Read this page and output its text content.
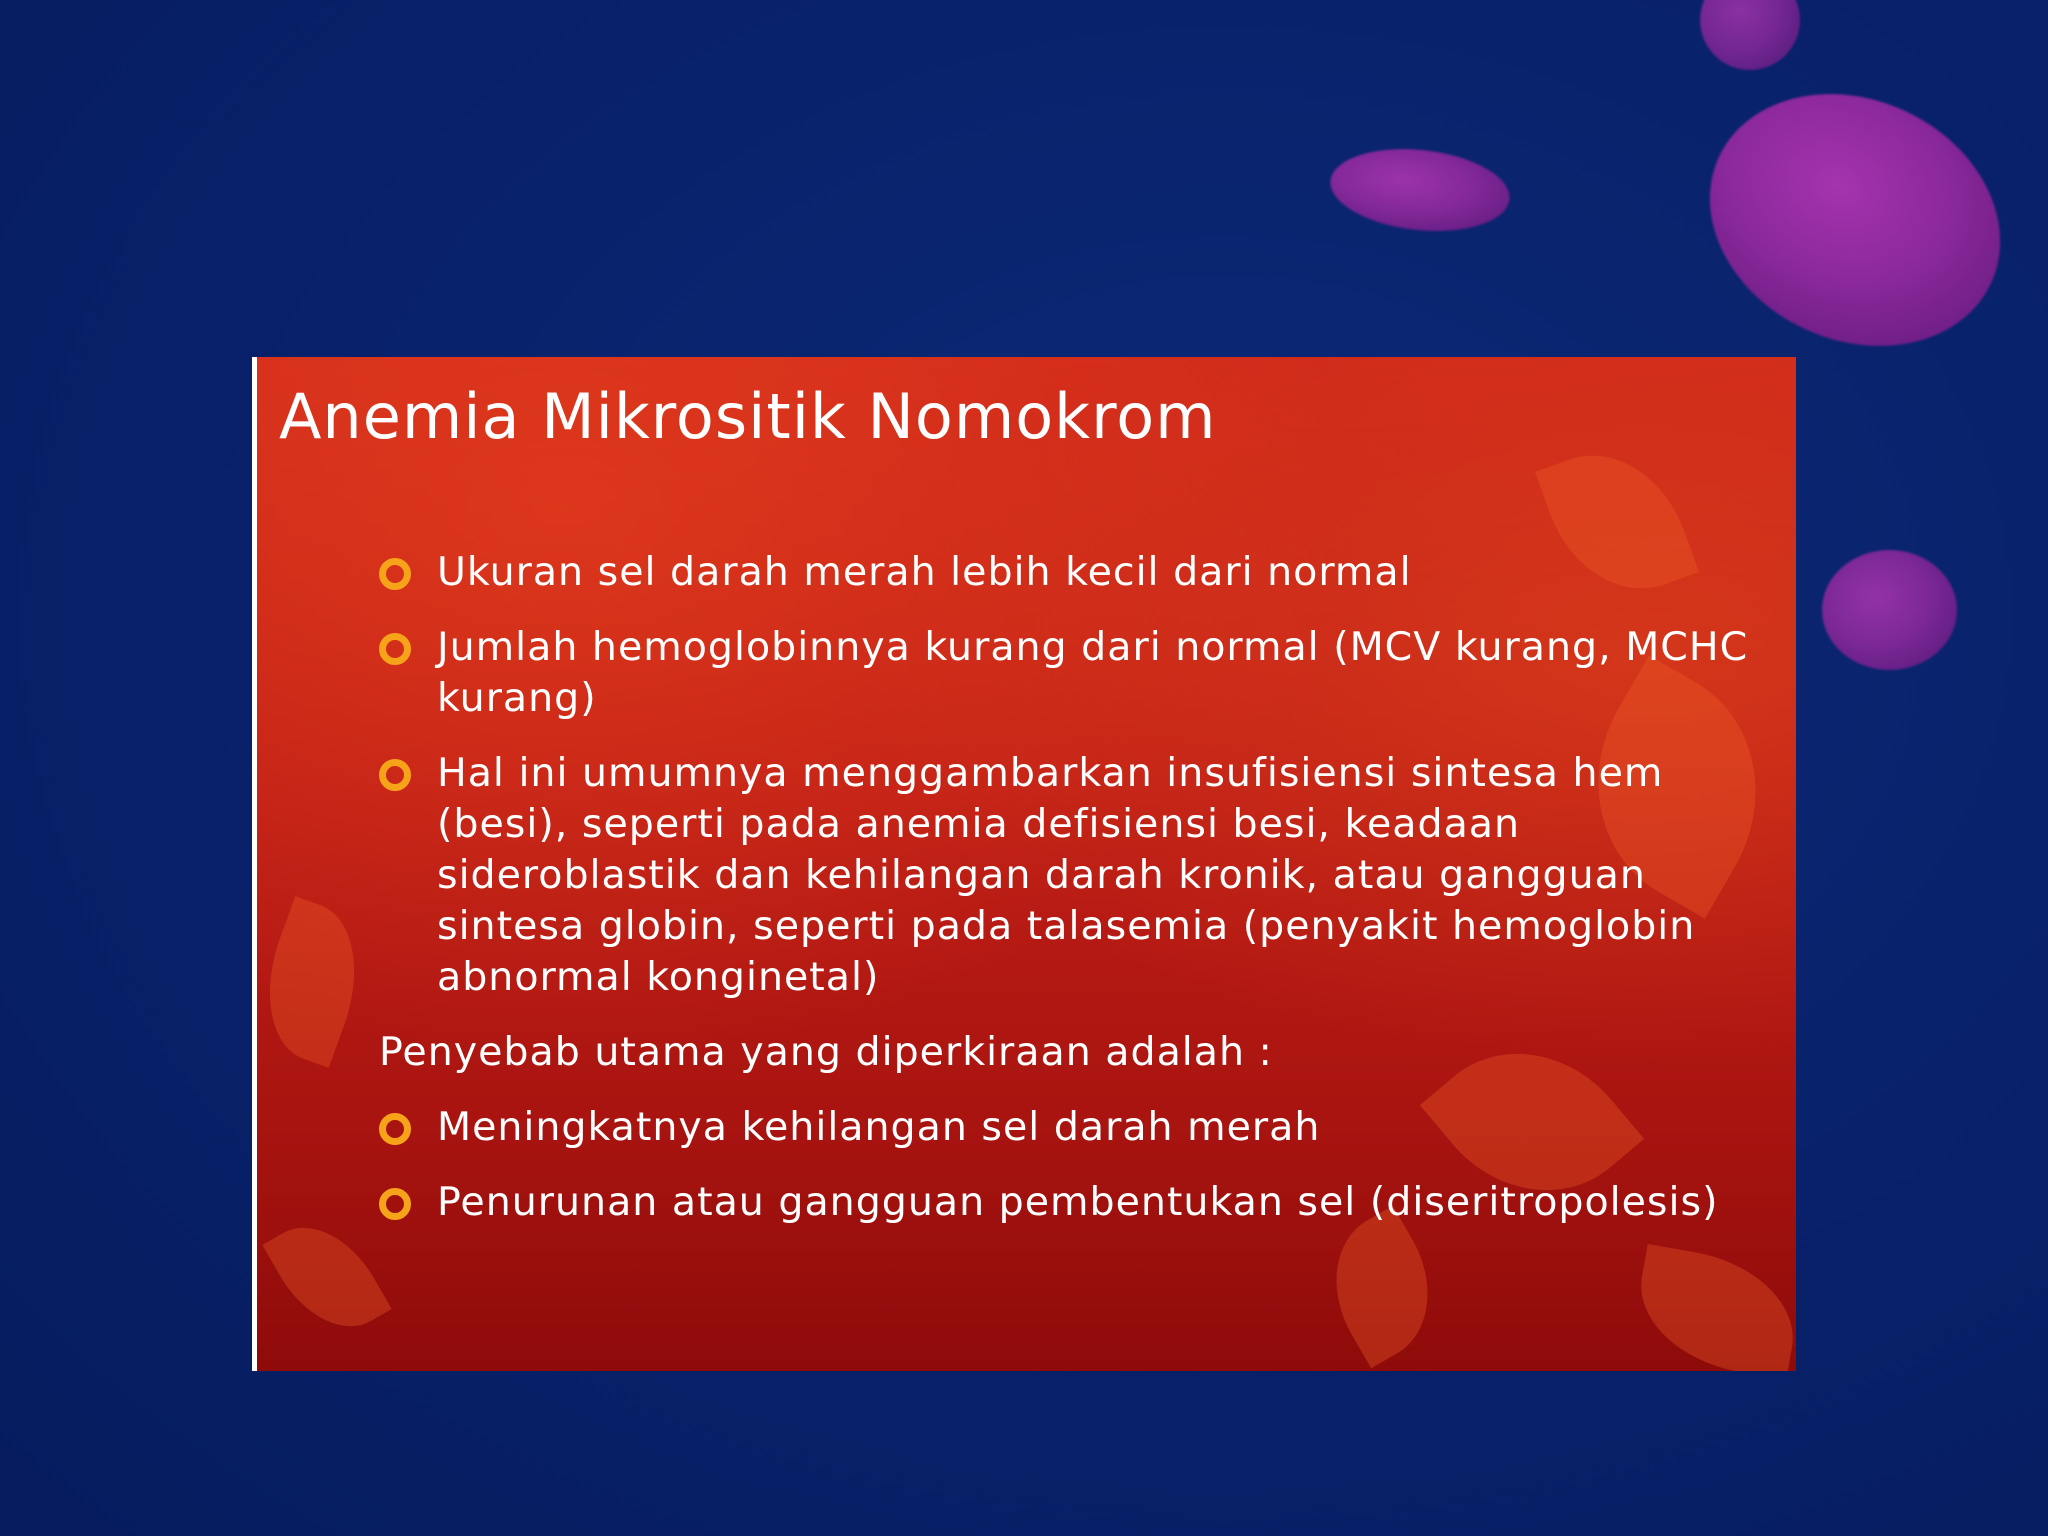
Anemia Mikrositik Nomokrom
Ukuran sel darah merah lebih kecil dari normal
Jumlah hemoglobinnya kurang dari normal (MCV kurang, MCHC kurang)
Hal ini umumnya menggambarkan insufisiensi sintesa hem (besi), seperti pada anemia defisiensi besi, keadaan sideroblastik dan kehilangan darah kronik, atau gangguan sintesa globin, seperti pada talasemia (penyakit hemoglobin abnormal konginetal)
Penyebab utama yang diperkiraan adalah :
Meningkatnya kehilangan sel darah merah
Penurunan atau gangguan pembentukan sel (diseritropolesis)
